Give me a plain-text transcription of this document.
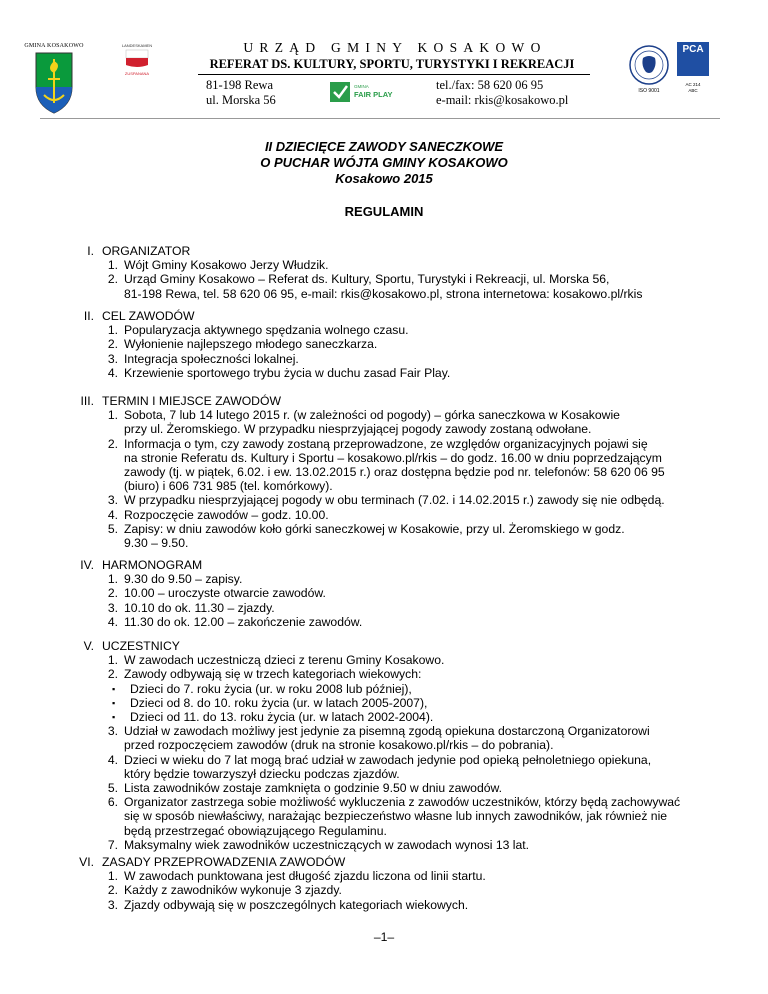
GMINA KOSAKOWO	LANDESKAMEN
ZUSPANANA
URZĄD GMINY KOSAKOWO
REFERAT DS. KULTURY, SPORTU, TURYSTYKI I REKREACJI
81-198 Rewa
ul. Morska 56
GMINA
FAIR PLAY
tel./fax: 58 620 06 95
e-mail: rkis@kosakowo.pl
ISO 9001
PCA
AC 214
ABC
II DZIECIĘCE ZAWODY SANECZKOWE
O PUCHAR WÓJTA GMINY KOSAKOWO
Kosakowo 2015
REGULAMIN
I. ORGANIZATOR
1. Wójt Gminy Kosakowo Jerzy Włudzik.
2. Urząd Gminy Kosakowo – Referat ds. Kultury, Sportu, Turystyki i Rekreacji, ul. Morska 56,
81-198 Rewa, tel. 58 620 06 95, e-mail: rkis@kosakowo.pl, strona internetowa: kosakowo.pl/rkis
II. CEL ZAWODÓW
1. Popularyzacja aktywnego spędzania wolnego czasu.
2. Wyłonienie najlepszego młodego saneczkarza.
3. Integracja społeczności lokalnej.
4. Krzewienie sportowego trybu życia w duchu zasad Fair Play.
III. TERMIN I MIEJSCE ZAWODÓW
1. Sobota, 7 lub 14 lutego 2015 r. (w zależności od pogody) – górka saneczkowa w Kosakowie
przy ul. Żeromskiego. W przypadku niesprzyjającej pogody zawody zostaną odwołane.
2. Informacja o tym, czy zawody zostaną przeprowadzone, ze względów organizacyjnych pojawi się
na stronie Referatu ds. Kultury i Sportu – kosakowo.pl/rkis – do godz. 16.00 w dniu poprzedzającym
zawody (tj. w piątek, 6.02. i ew. 13.02.2015 r.) oraz dostępna będzie pod nr. telefonów: 58 620 06 95
(biuro) i 606 731 985 (tel. komórkowy).
3. W przypadku niesprzyjającej pogody w obu terminach (7.02. i 14.02.2015 r.) zawody się nie odbędą.
4. Rozpoczęcie zawodów – godz. 10.00.
5. Zapisy: w dniu zawodów koło górki saneczkowej w Kosakowie, przy ul. Żeromskiego w godz.
9.30 – 9.50.
IV. HARMONOGRAM
1. 9.30 do 9.50 – zapisy.
2. 10.00 – uroczyste otwarcie zawodów.
3. 10.10 do ok. 11.30 – zjazdy.
4. 11.30 do ok. 12.00 – zakończenie zawodów.
V. UCZESTNICY
1. W zawodach uczestniczą dzieci z terenu Gminy Kosakowo.
2. Zawody odbywają się w trzech kategoriach wiekowych:
▪ Dzieci do 7. roku życia (ur. w roku 2008 lub później),
▪ Dzieci od 8. do 10. roku życia (ur. w latach 2005-2007),
▪ Dzieci od 11. do 13. roku życia (ur. w latach 2002-2004).
3. Udział w zawodach możliwy jest jedynie za pisemną zgodą opiekuna dostarczoną Organizatorowi
przed rozpoczęciem zawodów (druk na stronie kosakowo.pl/rkis – do pobrania).
4. Dzieci w wieku do 7 lat mogą brać udział w zawodach jedynie pod opieką pełnoletniego opiekuna,
który będzie towarzyszył dziecku podczas zjazdów.
5. Lista zawodników zostaje zamknięta o godzinie 9.50 w dniu zawodów.
6. Organizator zastrzega sobie możliwość wykluczenia z zawodów uczestników, którzy będą zachowywać
się w sposób niewłaściwy, narażając bezpieczeństwo własne lub innych zawodników, jak również nie
będą przestrzegać obowiązującego Regulaminu.
7. Maksymalny wiek zawodników uczestniczących w zawodach wynosi 13 lat.
VI. ZASADY PRZEPROWADZENIA ZAWODÓW
1. W zawodach punktowana jest długość zjazdu liczona od linii startu.
2. Każdy z zawodników wykonuje 3 zjazdy.
3. Zjazdy odbywają się w poszczególnych kategoriach wiekowych.
–1–
